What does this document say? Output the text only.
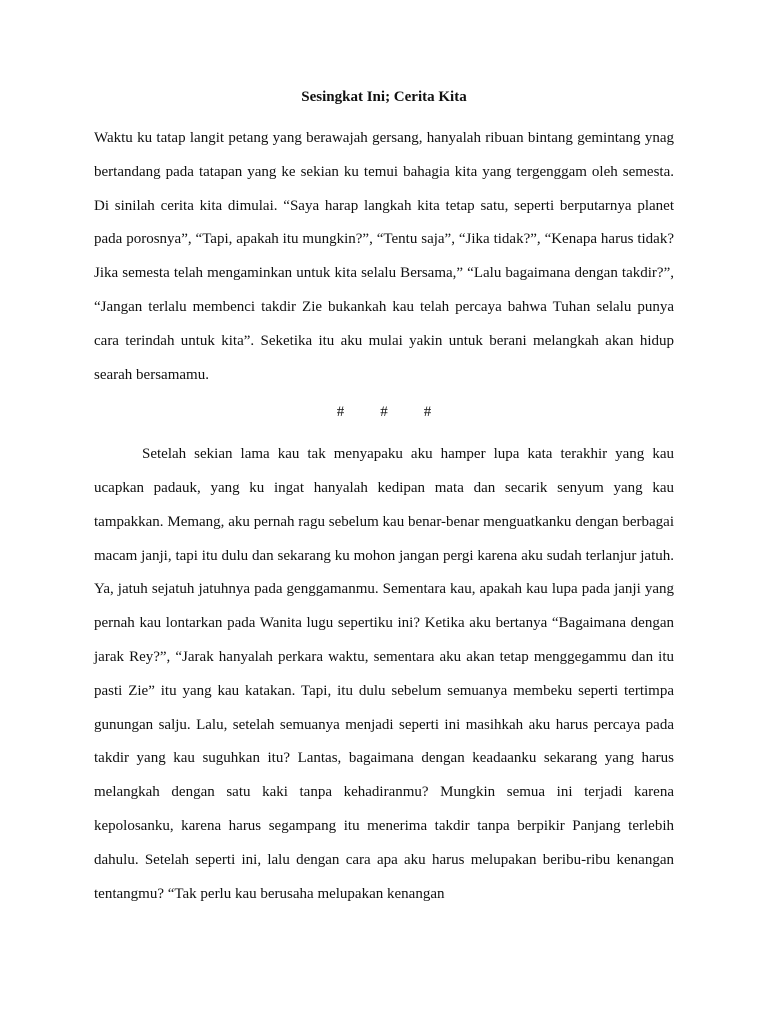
Sesingkat Ini; Cerita Kita

Waktu ku tatap langit petang yang berawajah gersang, hanyalah ribuan bintang gemintang ynag bertandang pada tatapan yang ke sekian ku temui bahagia kita yang tergenggam oleh semesta. Di sinilah cerita kita dimulai. “Saya harap langkah kita tetap satu, seperti berputarnya planet pada porosnya”, “Tapi, apakah itu mungkin?”, “Tentu saja”, “Jika tidak?”, “Kenapa harus tidak? Jika semesta telah mengaminkan untuk kita selalu Bersama,” “Lalu bagaimana dengan takdir?”, “Jangan terlalu membenci takdir Zie bukankah kau telah percaya bahwa Tuhan selalu punya cara terindah untuk kita”. Seketika itu aku mulai yakin untuk berani melangkah akan hidup searah bersamamu.

# # #

Setelah sekian lama kau tak menyapaku aku hamper lupa kata terakhir yang kau ucapkan padauk, yang ku ingat hanyalah kedipan mata dan secarik senyum yang kau tampakkan. Memang, aku pernah ragu sebelum kau benar-benar menguatkanku dengan berbagai macam janji, tapi itu dulu dan sekarang ku mohon jangan pergi karena aku sudah terlanjur jatuh. Ya, jatuh sejatuh jatuhnya pada genggamanmu. Sementara kau, apakah kau lupa pada janji yang pernah kau lontarkan pada Wanita lugu sepertiku ini? Ketika aku bertanya “Bagaimana dengan jarak Rey?”, “Jarak hanyalah perkara waktu, sementara aku akan tetap menggegammu dan itu pasti Zie” itu yang kau katakan. Tapi, itu dulu sebelum semuanya membeku seperti tertimpa gunungan salju. Lalu, setelah semuanya menjadi seperti ini masihkah aku harus percaya pada takdir yang kau suguhkan itu? Lantas, bagaimana dengan keadaanku sekarang yang harus melangkah dengan satu kaki tanpa kehadiranmu? Mungkin semua ini terjadi karena kepolosanku, karena harus segampang itu menerima takdir tanpa berpikir Panjang terlebih dahulu. Setelah seperti ini, lalu dengan cara apa aku harus melupakan beribu-ribu kenangan tentangmu? “Tak perlu kau berusaha melupakan kenangan
